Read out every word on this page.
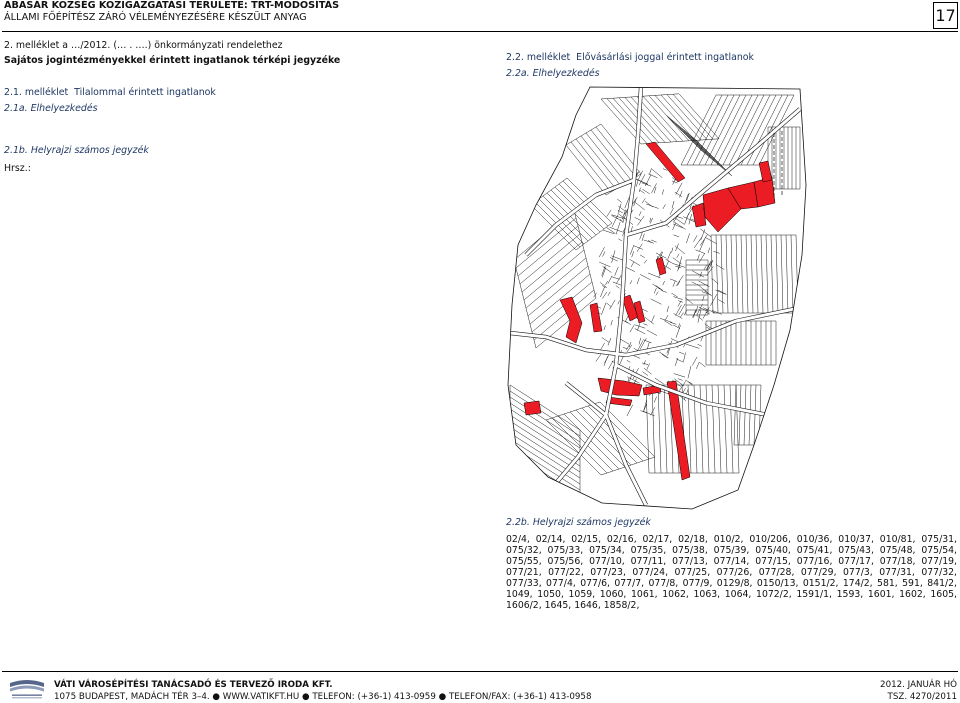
ABASÁR KÖZSÉG KÖZIGAZGATÁSI TERÜLETE: TRT-MÓDOSÍTÁS
ÁLLAMI FŐÉPÍTÉSZ ZÁRÓ VÉLEMÉNYEZÉSÉRE KÉSZÜLT ANYAG	17
2. melléklet a …/2012. (… . ….) önkormányzati rendelethez
Sajátos jogintézményekkel érintett ingatlanok térképi jegyzéke
2.1. melléklet  Tilalommal érintett ingatlanok
2.1a. Elhelyezkedés
2.1b. Helyrajzi számos jegyzék
Hrsz.:
2.2. melléklet  Elővásárlási joggal érintett ingatlanok
2.2a. Elhelyezkedés
2.2b. Helyrajzi számos jegyzék
02/4, 02/14, 02/15, 02/16, 02/17, 02/18, 010/2, 010/206, 010/36, 010/37, 010/81, 075/31,
075/32, 075/33, 075/34, 075/35, 075/38, 075/39, 075/40, 075/41, 075/43, 075/48, 075/54,
075/55, 075/56, 077/10, 077/11, 077/13, 077/14, 077/15, 077/16, 077/17, 077/18, 077/19,
077/21, 077/22, 077/23, 077/24, 077/25, 077/26, 077/28, 077/29, 077/3, 077/31, 077/32,
077/33, 077/4, 077/6, 077/7, 077/8, 077/9, 0129/8, 0150/13, 0151/2, 174/2, 581, 591, 841/2,
1049, 1050, 1059, 1060, 1061, 1062, 1063, 1064, 1072/2, 1591/1, 1593, 1601, 1602, 1605,
1606/2, 1645, 1646, 1858/2,
VÁTI VÁROSÉPÍTÉSI TANÁCSADÓ ÉS TERVEZŐ IRODA KFT.
1075 BUDAPEST, MADÁCH TÉR 3–4. ● WWW.VATIKFT.HU ● TELEFON: (+36-1) 413-0959 ● TELEFON/FAX: (+36-1) 413-0958
2012. JANUÁR HÓ
TSZ. 4270/2011
